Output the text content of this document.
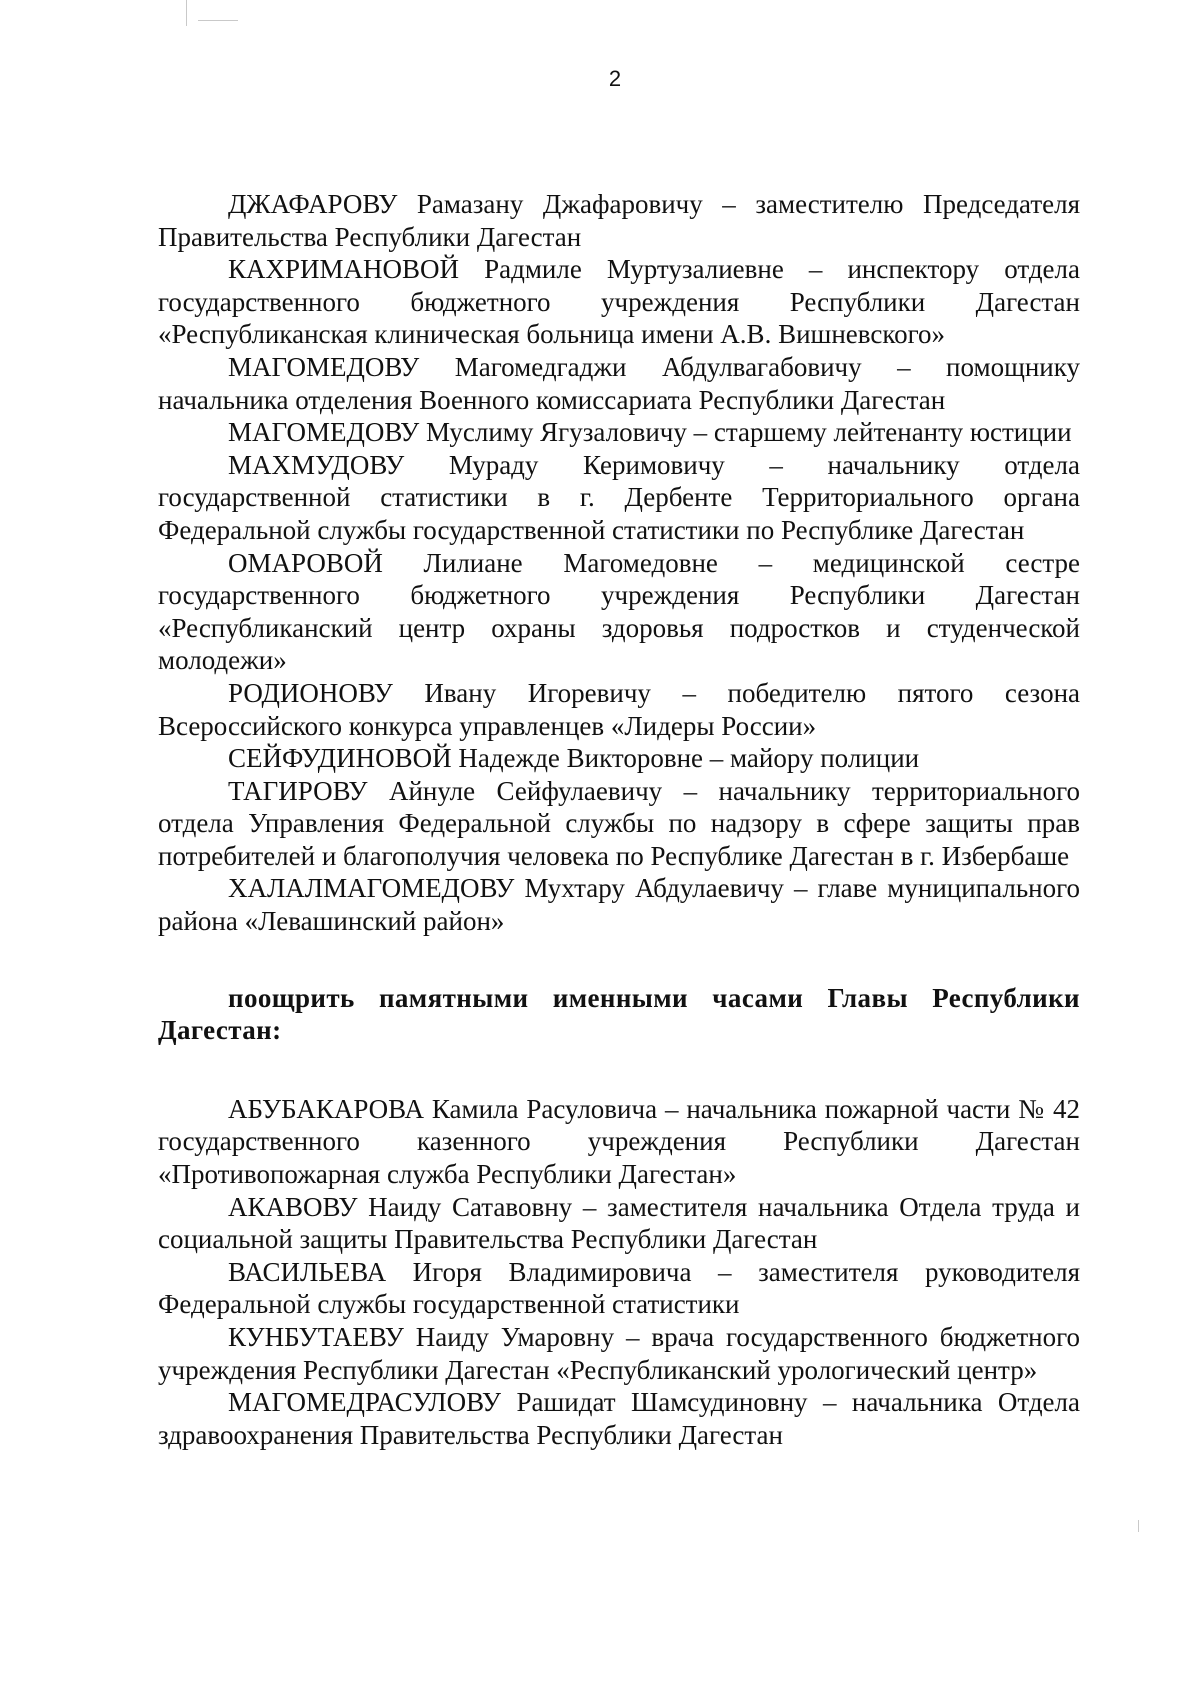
2

ДЖАФАРОВУ Рамазану Джафаровичу – заместителю Председателя Правительства Республики Дагестан

КАХРИМАНОВОЙ Радмиле Муртузалиевне – инспектору отдела государственного бюджетного учреждения Республики Дагестан «Республиканская клиническая больница имени А.В. Вишневского»

МАГОМЕДОВУ Магомедгаджи Абдулвагабовичу – помощнику начальника отделения Военного комиссариата Республики Дагестан

МАГОМЕДОВУ Муслиму Ягузаловичу – старшему лейтенанту юстиции

МАХМУДОВУ Мураду Керимовичу – начальнику отдела государственной статистики в г. Дербенте Территориального органа Федеральной службы государственной статистики по Республике Дагестан

ОМАРОВОЙ Лилиане Магомедовне – медицинской сестре государственного бюджетного учреждения Республики Дагестан «Республиканский центр охраны здоровья подростков и студенческой молодежи»

РОДИОНОВУ Ивану Игоревичу – победителю пятого сезона Всероссийского конкурса управленцев «Лидеры России»

СЕЙФУДИНОВОЙ Надежде Викторовне – майору полиции

ТАГИРОВУ Айнуле Сейфулаевичу – начальнику территориального отдела Управления Федеральной службы по надзору в сфере защиты прав потребителей и благополучия человека по Республике Дагестан в г. Избербаше

ХАЛАЛМАГОМЕДОВУ Мухтару Абдулаевичу – главе муниципального района «Левашинский район»

поощрить памятными именными часами Главы Республики Дагестан:

АБУБАКАРОВА Камила Расуловича – начальника пожарной части № 42 государственного казенного учреждения Республики Дагестан «Противопожарная служба Республики Дагестан»

АКАВОВУ Наиду Сатавовну – заместителя начальника Отдела труда и социальной защиты Правительства Республики Дагестан

ВАСИЛЬЕВА Игоря Владимировича – заместителя руководителя Федеральной службы государственной статистики

КУНБУТАЕВУ Наиду Умаровну – врача государственного бюджетного учреждения Республики Дагестан «Республиканский урологический центр»

МАГОМЕДРАСУЛОВУ Рашидат Шамсудиновну – начальника Отдела здравоохранения Правительства Республики Дагестан
